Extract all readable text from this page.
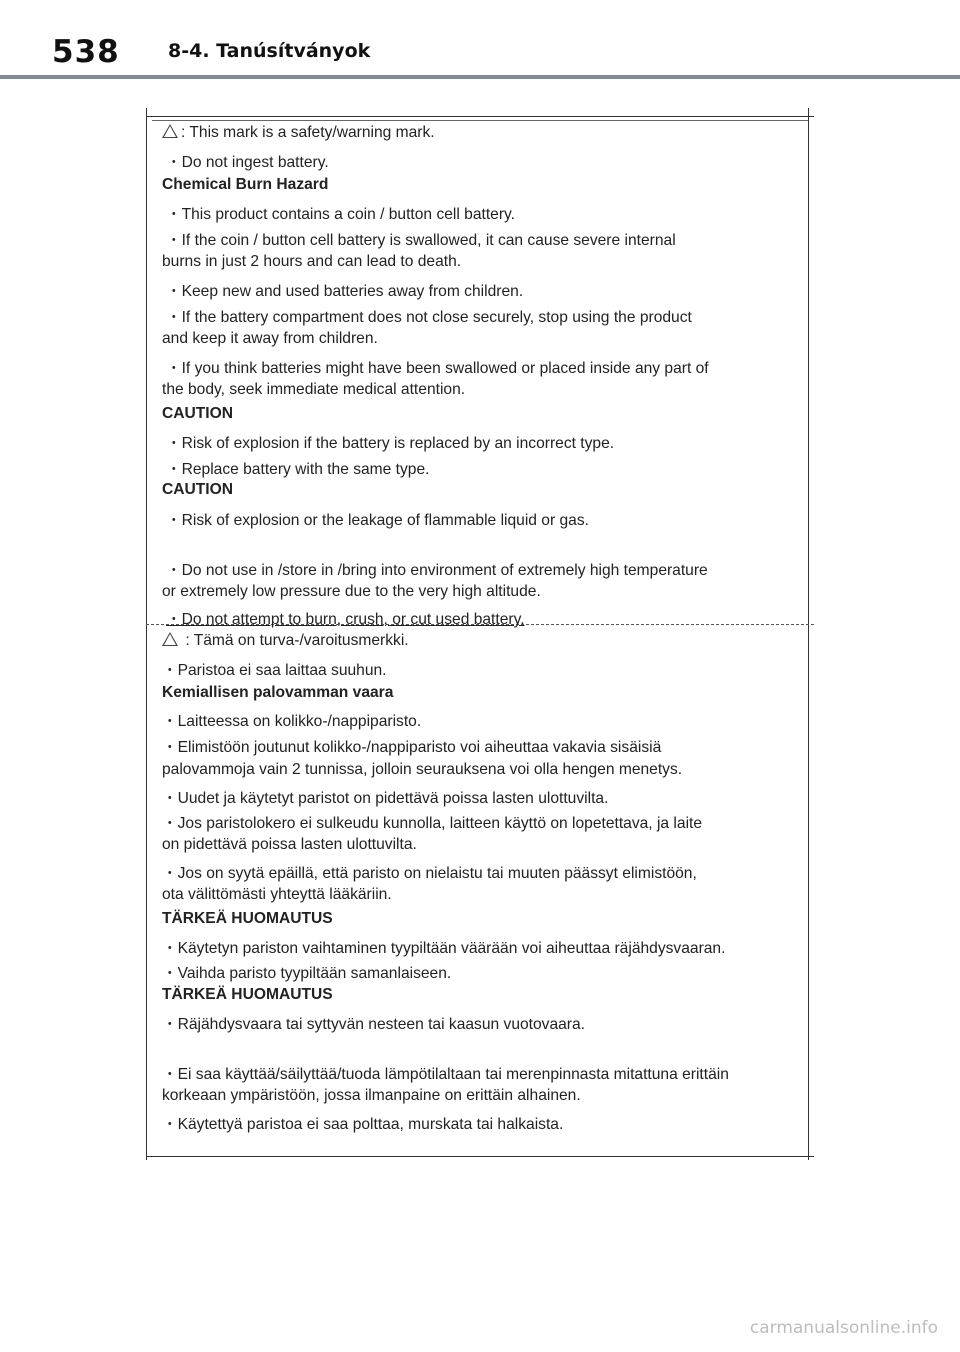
538	8-4. Tanúsítványok
: This mark is a safety/warning mark.
・Do not ingest battery.
Chemical Burn Hazard
・This product contains a coin / button cell battery.
・If the coin / button cell battery is swallowed, it can cause severe internal
burns in just 2 hours and can lead to death.
・Keep new and used batteries away from children.
・If the battery compartment does not close securely, stop using the product
and keep it away from children.
・If you think batteries might have been swallowed or placed inside any part of
the body, seek immediate medical attention.
CAUTION
・Risk of explosion if the battery is replaced by an incorrect type.
・Replace battery with the same type.
CAUTION
・Risk of explosion or the leakage of flammable liquid or gas.
・Do not use in /store in /bring into environment of extremely high temperature
or extremely low pressure due to the very high altitude.
・Do not attempt to burn, crush, or cut used battery.
: Tämä on turva-/varoitusmerkki.
・Paristoa ei saa laittaa suuhun.
Kemiallisen palovamman vaara
・Laitteessa on kolikko-/nappiparisto.
・Elimistöön joutunut kolikko-/nappiparisto voi aiheuttaa vakavia sisäisiä
palovammoja vain 2 tunnissa, jolloin seurauksena voi olla hengen menetys.
・Uudet ja käytetyt paristot on pidettävä poissa lasten ulottuvilta.
・Jos paristolokero ei sulkeudu kunnolla, laitteen käyttö on lopetettava, ja laite
on pidettävä poissa lasten ulottuvilta.
・Jos on syytä epäillä, että paristo on nielaistu tai muuten päässyt elimistöön,
ota välittömästi yhteyttä lääkäriin.
TÄRKEÄ HUOMAUTUS
・Käytetyn pariston vaihtaminen tyypiltään väärään voi aiheuttaa räjähdysvaaran.
・Vaihda paristo tyypiltään samanlaiseen.
TÄRKEÄ HUOMAUTUS
・Räjähdysvaara tai syttyvän nesteen tai kaasun vuotovaara.
・Ei saa käyttää/säilyttää/tuoda lämpötilaltaan tai merenpinnasta mitattuna erittäin
korkeaan ympäristöön, jossa ilmanpaine on erittäin alhainen.
・Käytettyä paristoa ei saa polttaa, murskata tai halkaista.
carmanualsonline.info
